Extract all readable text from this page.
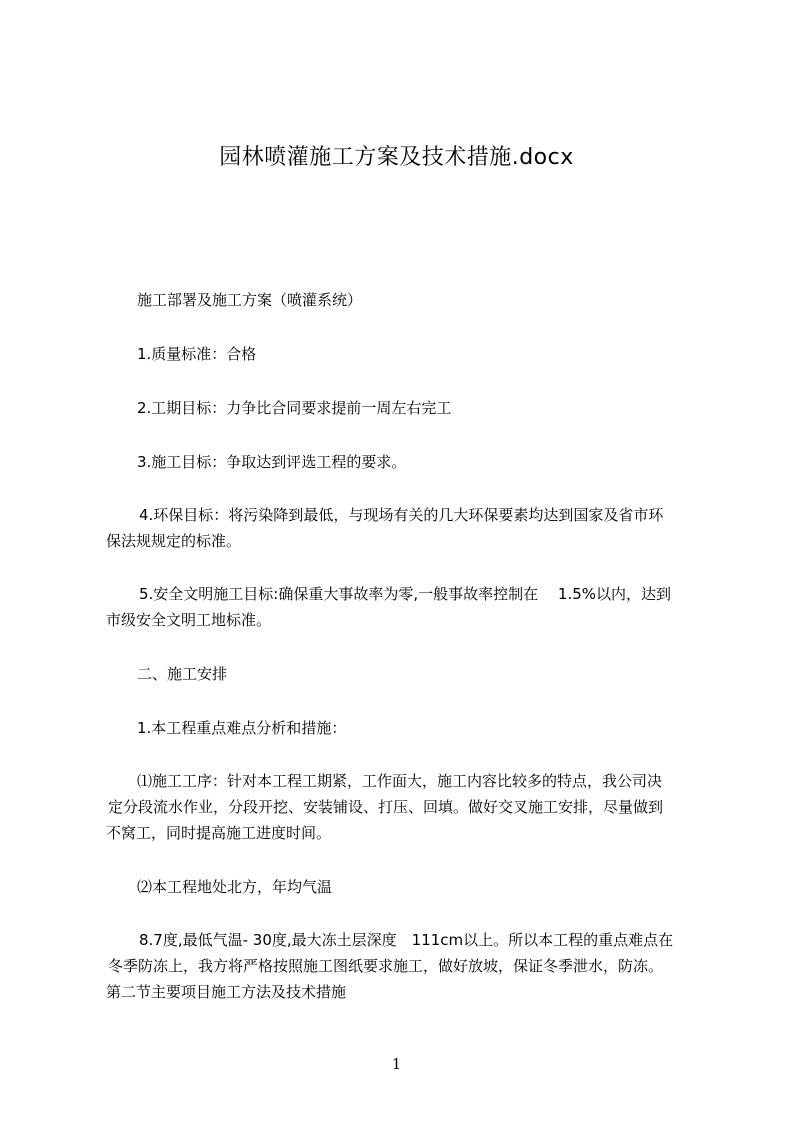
园林喷灌施工方案及技术措施.docx
施工部署及施工方案（喷灌系统）
1.质量标准：合格
2.工期目标：力争比合同要求提前一周左右完工
3.施工目标：争取达到评选工程的要求。
4.环保目标：将污染降到最低，与现场有关的几大环保要素均达到国家及省市环
保法规规定的标准。
5.安全文明施工目标:确保重大事故率为零,一般事故率控制在　 1.5%以内，达到
市级安全文明工地标准。
二、施工安排
1.本工程重点难点分析和措施：
⑴施工工序：针对本工程工期紧，工作面大，施工内容比较多的特点，我公司决
定分段流水作业，分段开挖、安装铺设、打压、回填。做好交叉施工安排，尽量做到
不窝工，同时提高施工进度时间。
⑵本工程地处北方，年均气温
8.7度,最低气温- 30度,最大冻土层深度　111cm以上。所以本工程的重点难点在
冬季防冻上，我方将严格按照施工图纸要求施工，做好放坡，保证冬季泄水，防冻。
第二节主要项目施工方法及技术措施
1
